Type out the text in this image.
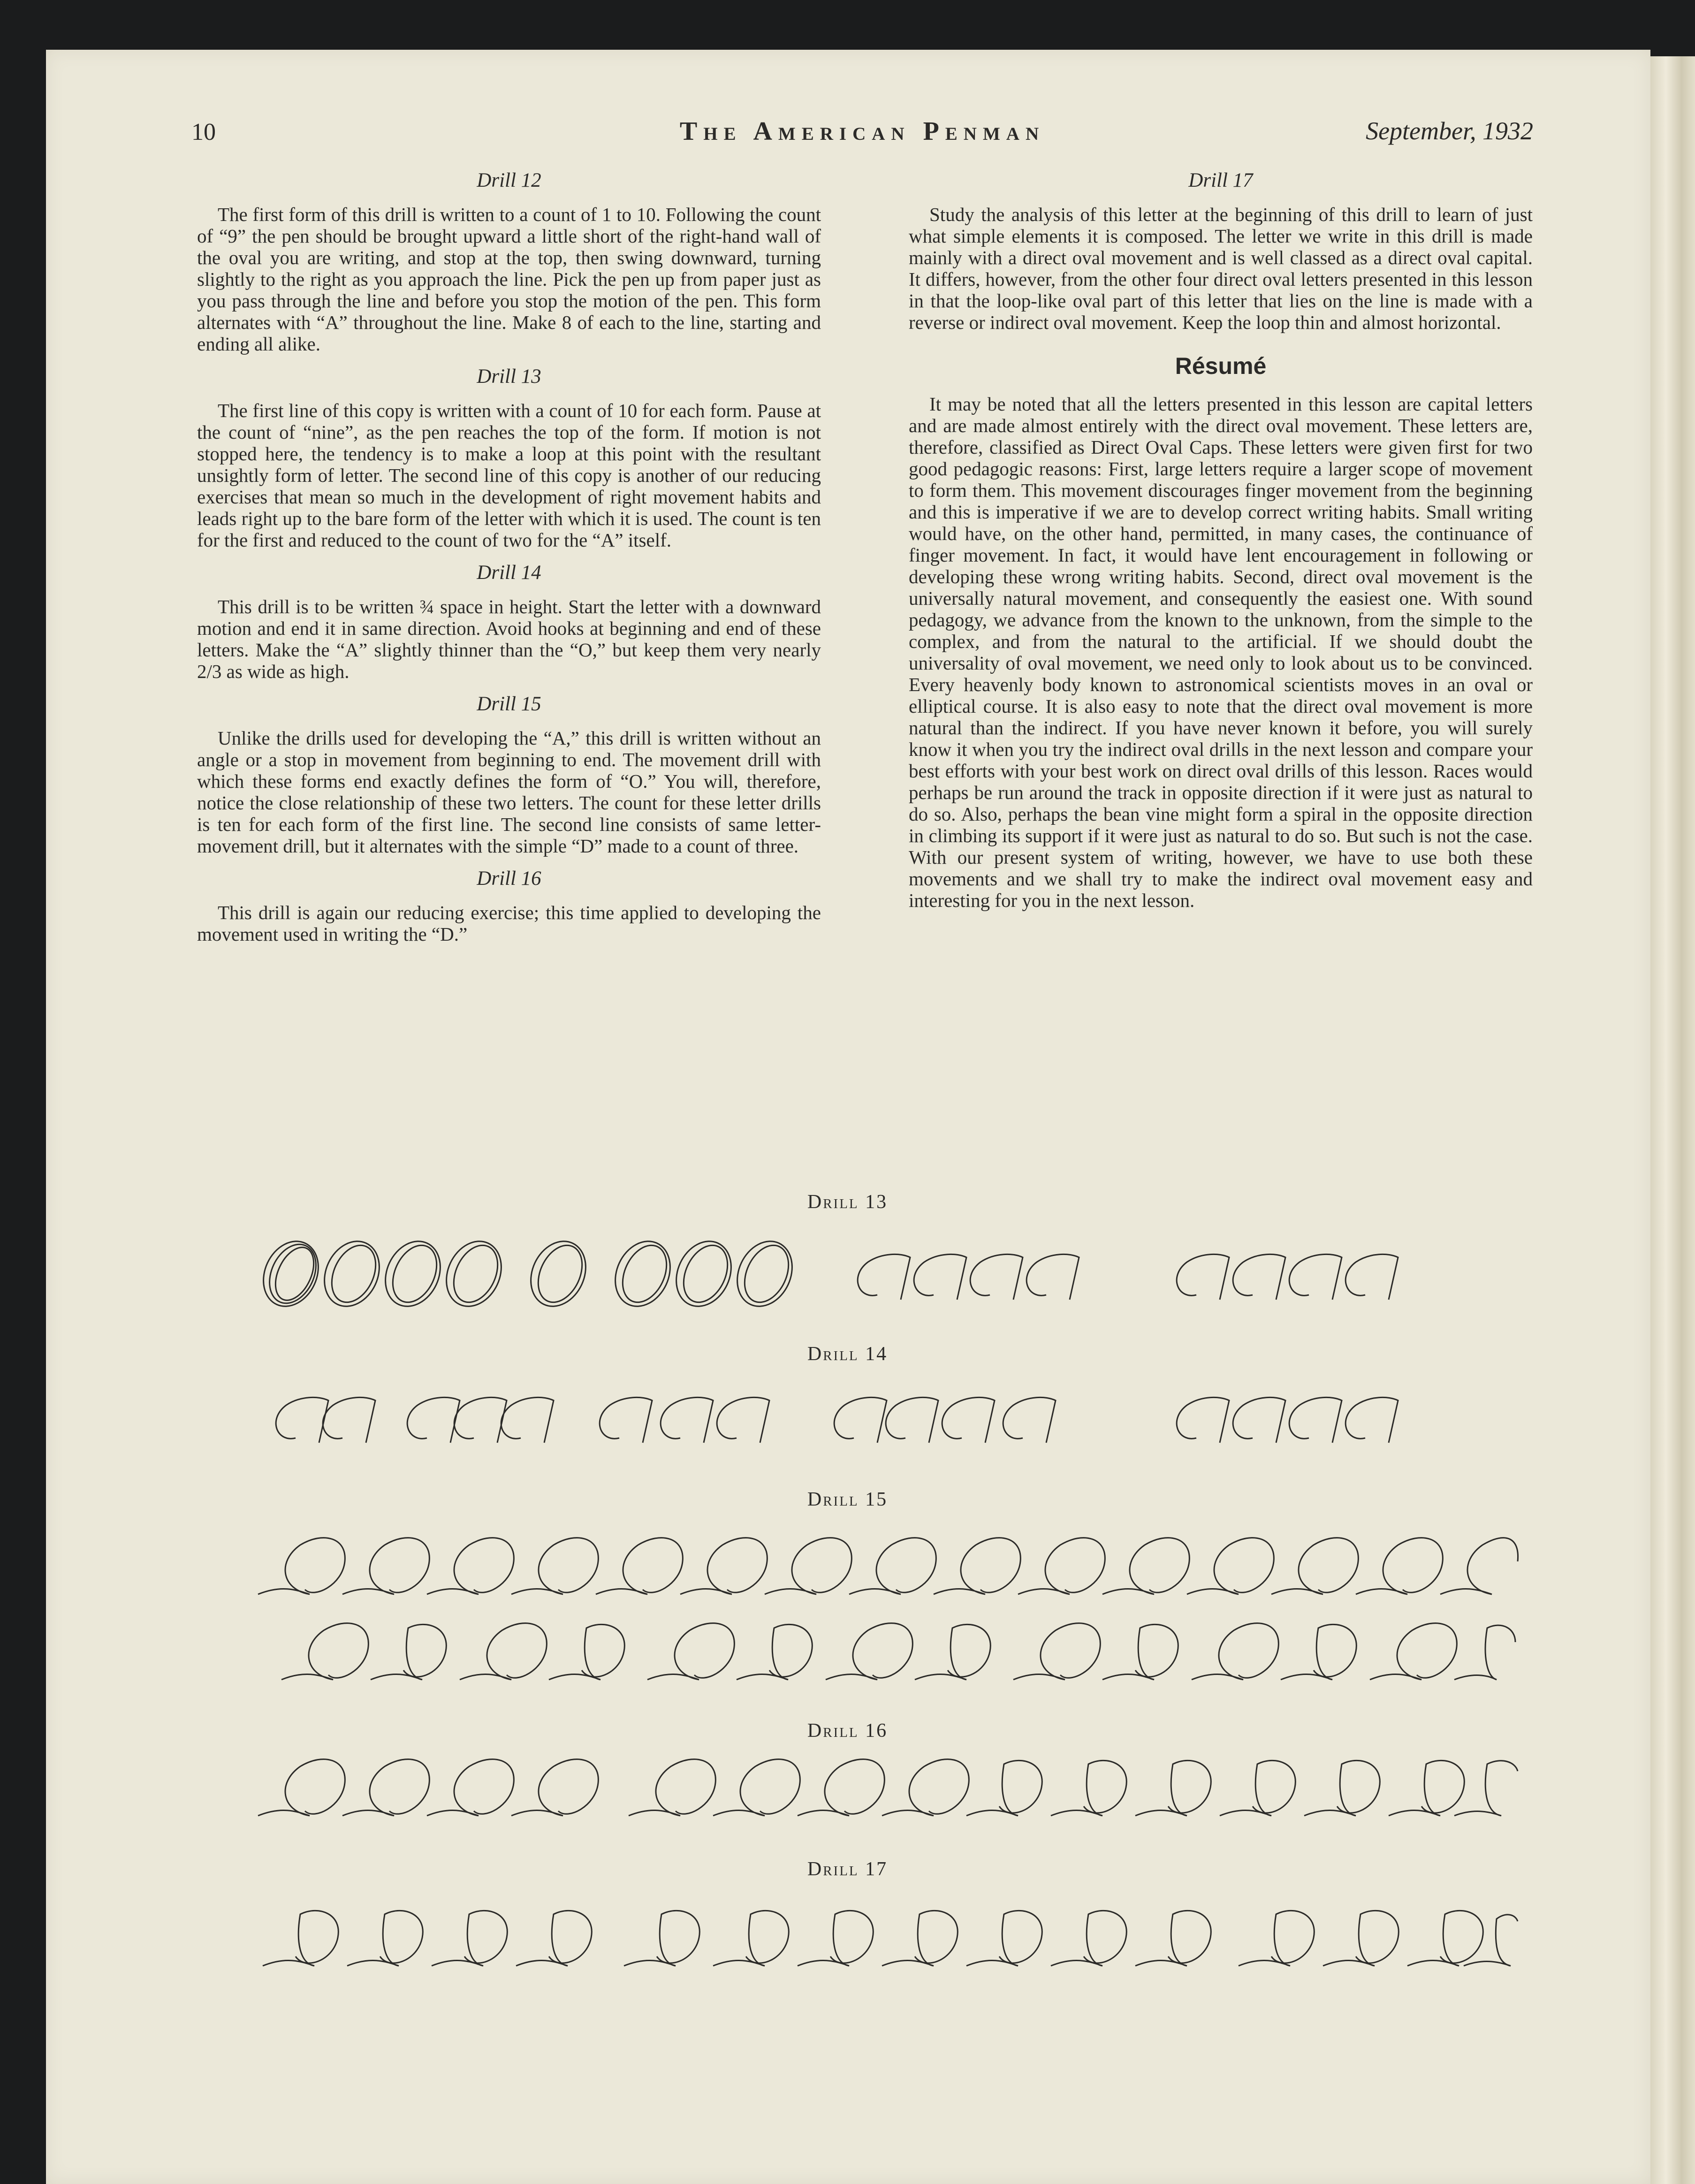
10	The American Penman	September, 1932
Drill 12

The first form of this drill is written to a count of 1 to 10. Following the count of “9” the pen should be brought upward a little short of the right-hand wall of the oval you are writing, and stop at the top, then swing downward, turning slightly to the right as you approach the line. Pick the pen up from paper just as you pass through the line and before you stop the motion of the pen. This form alternates with “A” throughout the line. Make 8 of each to the line, starting and ending all alike.

Drill 13

The first line of this copy is written with a count of 10 for each form. Pause at the count of “nine”, as the pen reaches the top of the form. If motion is not stopped here, the tendency is to make a loop at this point with the resultant unsightly form of letter. The second line of this copy is another of our reducing exercises that mean so much in the development of right movement habits and leads right up to the bare form of the letter with which it is used. The count is ten for the first and reduced to the count of two for the “A” itself.

Drill 14

This drill is to be written ¾ space in height. Start the letter with a downward motion and end it in same direction. Avoid hooks at beginning and end of these letters. Make the “A” slightly thinner than the “O,” but keep them very nearly 2/3 as wide as high.

Drill 15

Unlike the drills used for developing the “A,” this drill is written without an angle or a stop in movement from beginning to end. The movement drill with which these forms end exactly defines the form of “O.” You will, therefore, notice the close relationship of these two letters. The count for these letter drills is ten for each form of the first line. The second line consists of same letter-movement drill, but it alternates with the simple “D” made to a count of three.

Drill 16

This drill is again our reducing exercise; this time applied to developing the movement used in writing the “D.”

Drill 17

Study the analysis of this letter at the beginning of this drill to learn of just what simple elements it is composed. The letter we write in this drill is made mainly with a direct oval movement and is well classed as a direct oval capital. It differs, however, from the other four direct oval letters presented in this lesson in that the loop-like oval part of this letter that lies on the line is made with a reverse or indirect oval movement. Keep the loop thin and almost horizontal.

Résumé

It may be noted that all the letters presented in this lesson are capital letters and are made almost entirely with the direct oval movement. These letters are, therefore, classified as Direct Oval Caps. These letters were given first for two good pedagogic reasons: First, large letters require a larger scope of movement to form them. This movement discourages finger movement from the beginning and this is imperative if we are to develop correct writing habits. Small writing would have, on the other hand, permitted, in many cases, the continuance of finger movement. In fact, it would have lent encouragement in following or developing these wrong writing habits. Second, direct oval movement is the universally natural movement, and consequently the easiest one. With sound pedagogy, we advance from the known to the unknown, from the simple to the complex, and from the natural to the artificial. If we should doubt the universality of oval movement, we need only to look about us to be convinced. Every heavenly body known to astronomical scientists moves in an oval or elliptical course. It is also easy to note that the direct oval movement is more natural than the indirect. If you have never known it before, you will surely know it when you try the indirect oval drills in the next lesson and compare your best efforts with your best work on direct oval drills of this lesson. Races would perhaps be run around the track in opposite direction if it were just as natural to do so. Also, perhaps the bean vine might form a spiral in the opposite direction in climbing its support if it were just as natural to do so. But such is not the case. With our present system of writing, however, we have to use both these movements and we shall try to make the indirect oval movement easy and interesting for you in the next lesson.

Drill 13
Drill 14
Drill 15
Drill 16
Drill 17
